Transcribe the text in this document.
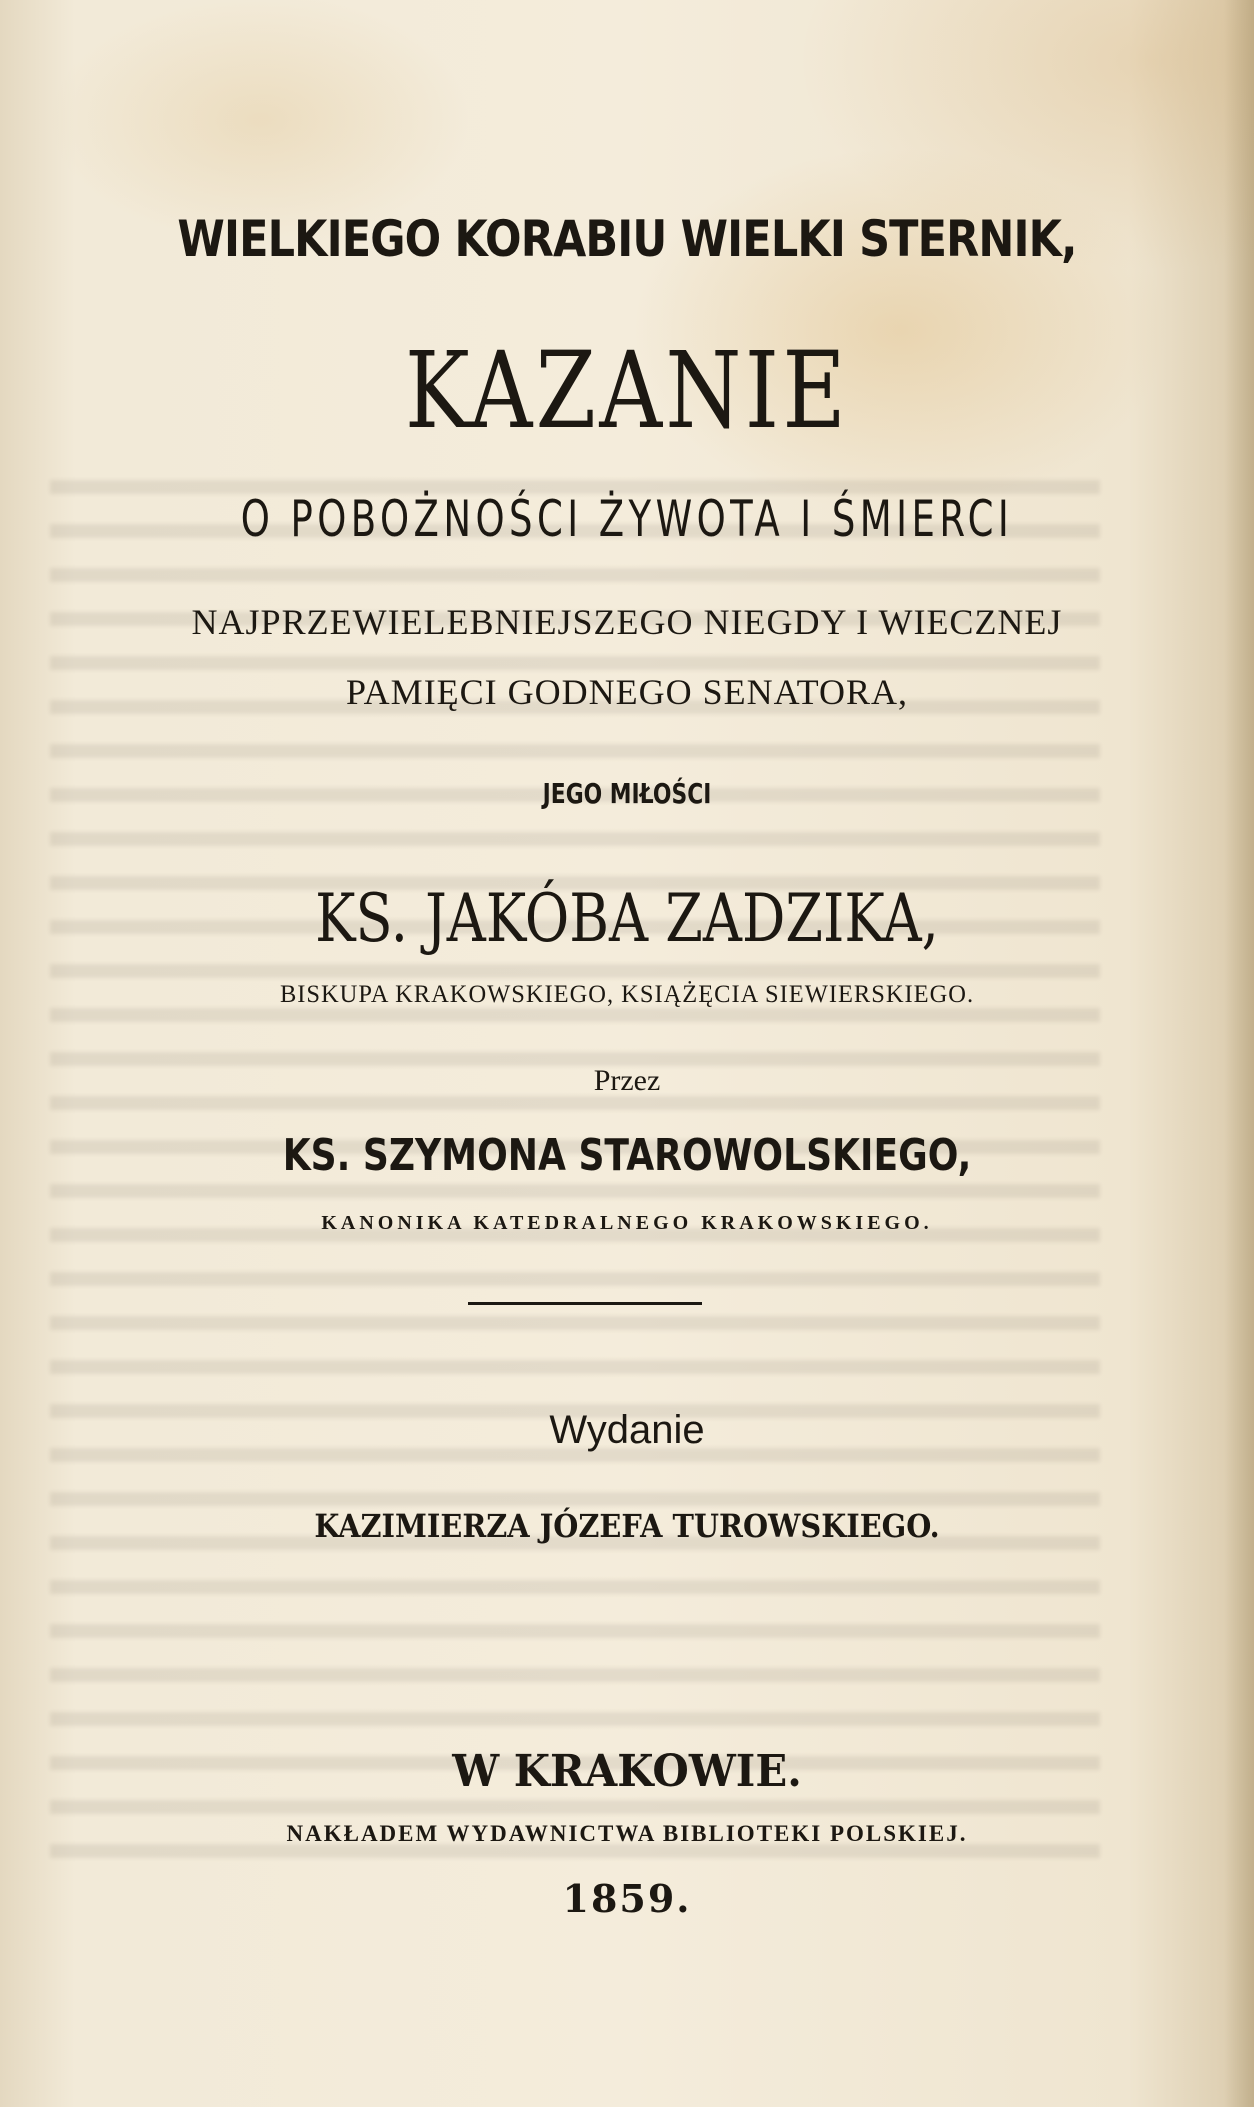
WIELKIEGO KORABIU WIELKI STERNIK,
KAZANIE
O POBOŻNOŚCI ŻYWOTA I ŚMIERCI
NAJPRZEWIELEBNIEJSZEGO NIEGDY I WIECZNEJ
PAMIĘCI GODNEGO SENATORA,
JEGO MIŁOŚCI
KS. JAKÓBA ZADZIKA,
BISKUPA KRAKOWSKIEGO, KSIĄŻĘCIA SIEWIERSKIEGO.
Przez
KS. SZYMONA STAROWOLSKIEGO,
KANONIKA KATEDRALNEGO KRAKOWSKIEGO.
Wydanie
KAZIMIERZA JÓZEFA TUROWSKIEGO.
W KRAKOWIE.
NAKŁADEM WYDAWNICTWA BIBLIOTEKI POLSKIEJ.
1859.
